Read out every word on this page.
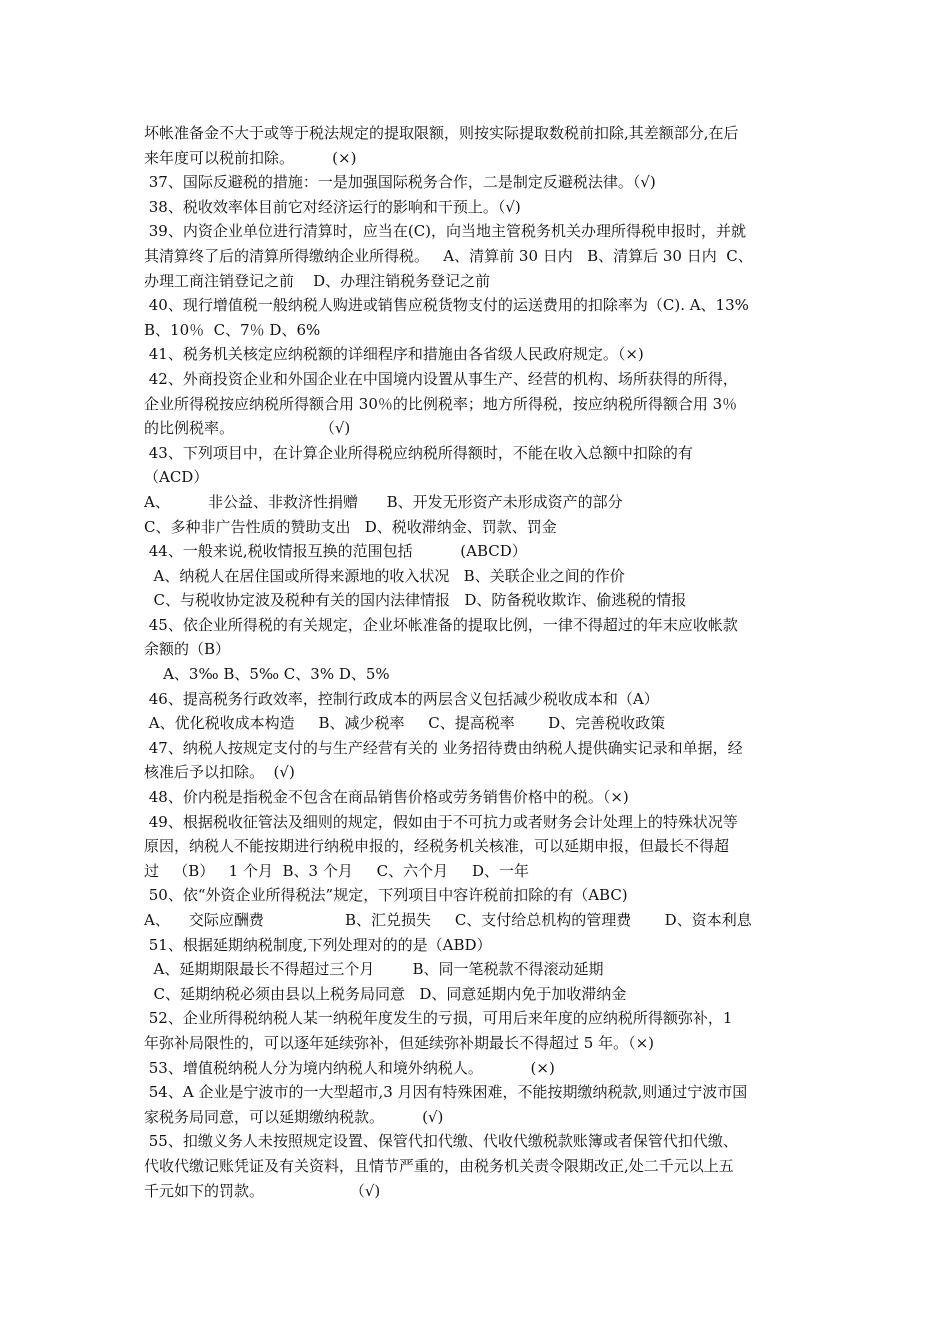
坏帐准备金不大于或等于税法规定的提取限额，则按实际提取数税前扣除,其差额部分,在后
来年度可以税前扣除。        (×)
37、国际反避税的措施：一是加强国际税务合作，二是制定反避税法律。（√)
38、税收效率体目前它对经济运行的影响和干预上。（√)
39、内资企业单位进行清算时，应当在(C)，向当地主管税务机关办理所得税申报时，并就
其清算终了后的清算所得缴纳企业所得税。   A、清算前 30 日内   B、清算后 30 日内  C、
办理工商注销登记之前    D、办理注销税务登记之前
40、现行增值税一般纳税人购进或销售应税货物支付的运送费用的扣除率为（C). A、13%
B、10％  C、7％ D、6%
41、税务机关核定应纳税额的详细程序和措施由各省级人民政府规定。（×)
42、外商投资企业和外国企业在中国境内设置从事生产、经营的机构、场所获得的所得，
企业所得税按应纳税所得额合用 30％的比例税率；地方所得税，按应纳税所得额合用 3％
的比例税率。                  （√)
43、下列项目中，在计算企业所得税应纳税所得额时，不能在收入总额中扣除的有
（ACD）
A、        非公益、非救济性捐赠      B、开发无形资产未形成资产的部分
C、多种非广告性质的赞助支出   D、税收滞纳金、罚款、罚金
44、一般来说,税收情报互换的范围包括          (ABCD）
A、纳税人在居住国或所得来源地的收入状况   B、关联企业之间的作价
C、与税收协定波及税种有关的国内法律情报   D、防备税收欺诈、偷逃税的情报
45、依企业所得税的有关规定，企业坏帐准备的提取比例，一律不得超过的年末应收帐款
余额的（B）
A、3‰ B、5‰ C、3% D、5%
46、提高税务行政效率，控制行政成本的两层含义包括减少税收成本和（A）
A、优化税收成本构造     B、减少税率     C、提高税率       D、完善税收政策
47、纳税人按规定支付的与生产经营有关的 业务招待费由纳税人提供确实记录和单据，经
核准后予以扣除。  (√)
48、价内税是指税金不包含在商品销售价格或劳务销售价格中的税。（×)
49、根据税收征管法及细则的规定，假如由于不可抗力或者财务会计处理上的特殊状况等
原因，纳税人不能按期进行纳税申报的，经税务机关核准，可以延期申报，但最长不得超
过   （B）   1 个月  B、3 个月     C、六个月     D、一年
50、依“外资企业所得税法”规定，下列项目中容许税前扣除的有（ABC)
A、    交际应酬费                 B、汇兑损失     C、支付给总机构的管理费       D、资本利息
51、根据延期纳税制度,下列处理对的的是（ABD）
A、延期期限最长不得超过三个月        B、同一笔税款不得滚动延期
C、延期纳税必须由县以上税务局同意   D、同意延期内免于加收滞纳金
52、企业所得税纳税人某一纳税年度发生的亏损，可用后来年度的应纳税所得额弥补，1
年弥补局限性的，可以逐年延续弥补，但延续弥补期最长不得超过 5 年。（×)
53、增值税纳税人分为境内纳税人和境外纳税人。          (×)
54、A 企业是宁波市的一大型超市,3 月因有特殊困难，不能按期缴纳税款,则通过宁波市国
家税务局同意，可以延期缴纳税款。        (√)
55、扣缴义务人未按照规定设置、保管代扣代缴、代收代缴税款账簿或者保管代扣代缴、
代收代缴记账凭证及有关资料，且情节严重的，由税务机关责令限期改正,处二千元以上五
千元如下的罚款。                  （√)
